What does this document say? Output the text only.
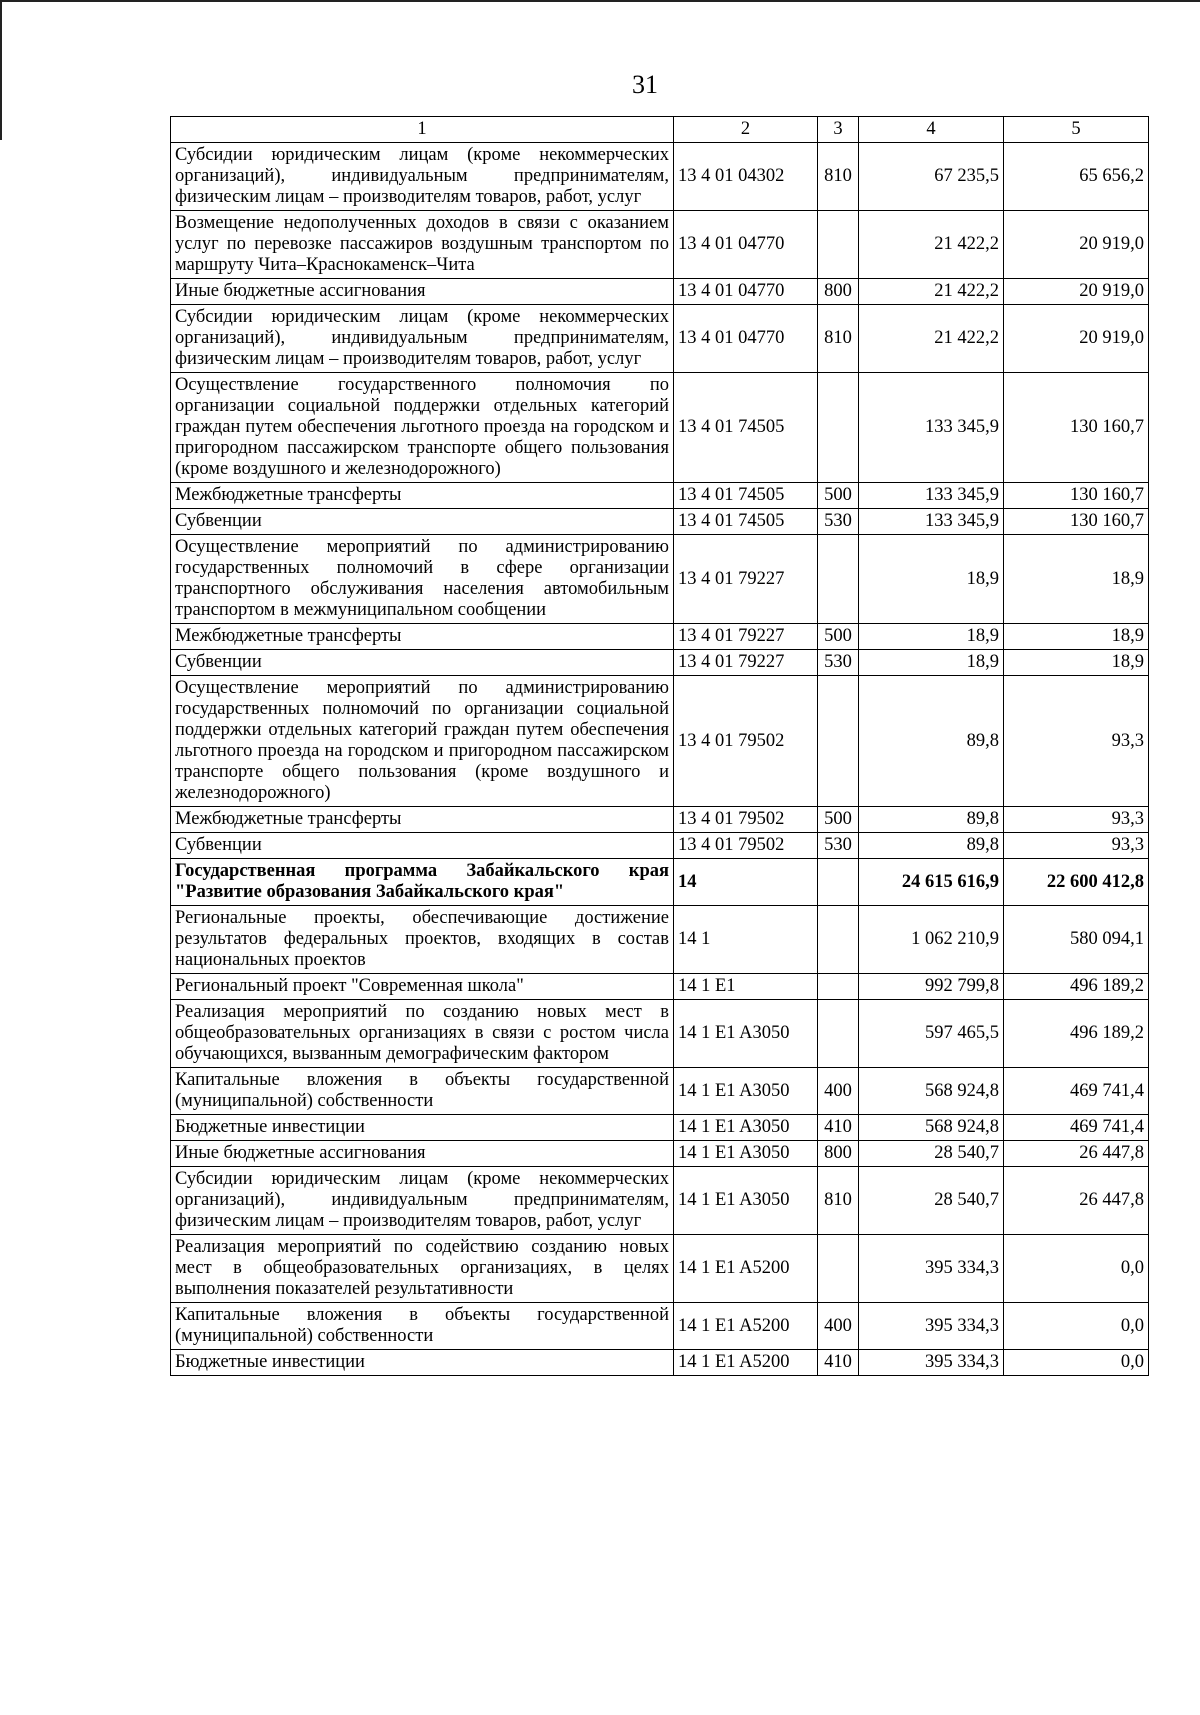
31
1	2	3	4	5
Субсидии юридическим лицам (кроме некоммерческих организаций), индивидуальным предпринимателям, физическим лицам – производителям товаров, работ, услуг	13 4 01 04302	810	67 235,5	65 656,2
Возмещение недополученных доходов в связи с оказанием услуг по перевозке пассажиров воздушным транспортом по маршруту Чита–Краснокаменск–Чита	13 4 01 04770		21 422,2	20 919,0
Иные бюджетные ассигнования	13 4 01 04770	800	21 422,2	20 919,0
Субсидии юридическим лицам (кроме некоммерческих организаций), индивидуальным предпринимателям, физическим лицам – производителям товаров, работ, услуг	13 4 01 04770	810	21 422,2	20 919,0
Осуществление государственного полномочия по организации социальной поддержки отдельных категорий граждан путем обеспечения льготного проезда на городском и пригородном пассажирском транспорте общего пользования (кроме воздушного и железнодорожного)	13 4 01 74505		133 345,9	130 160,7
Межбюджетные трансферты	13 4 01 74505	500	133 345,9	130 160,7
Субвенции	13 4 01 74505	530	133 345,9	130 160,7
Осуществление мероприятий по администрированию государственных полномочий в сфере организации транспортного обслуживания населения автомобильным транспортом в межмуниципальном сообщении	13 4 01 79227		18,9	18,9
Межбюджетные трансферты	13 4 01 79227	500	18,9	18,9
Субвенции	13 4 01 79227	530	18,9	18,9
Осуществление мероприятий по администрированию государственных полномочий по организации социальной поддержки отдельных категорий граждан путем обеспечения льготного проезда на городском и пригородном пассажирском транспорте общего пользования (кроме воздушного и железнодорожного)	13 4 01 79502		89,8	93,3
Межбюджетные трансферты	13 4 01 79502	500	89,8	93,3
Субвенции	13 4 01 79502	530	89,8	93,3
Государственная программа Забайкальского края "Развитие образования Забайкальского края"	14		24 615 616,9	22 600 412,8
Региональные проекты, обеспечивающие достижение результатов федеральных проектов, входящих в состав национальных проектов	14 1		1 062 210,9	580 094,1
Региональный проект "Современная школа"	14 1 E1		992 799,8	496 189,2
Реализация мероприятий по созданию новых мест в общеобразовательных организациях в связи с ростом числа обучающихся, вызванным демографическим фактором	14 1 E1 A3050		597 465,5	496 189,2
Капитальные вложения в объекты государственной (муниципальной) собственности	14 1 E1 A3050	400	568 924,8	469 741,4
Бюджетные инвестиции	14 1 E1 A3050	410	568 924,8	469 741,4
Иные бюджетные ассигнования	14 1 E1 A3050	800	28 540,7	26 447,8
Субсидии юридическим лицам (кроме некоммерческих организаций), индивидуальным предпринимателям, физическим лицам – производителям товаров, работ, услуг	14 1 E1 A3050	810	28 540,7	26 447,8
Реализация мероприятий по содействию созданию новых мест в общеобразовательных организациях, в целях выполнения показателей результативности	14 1 E1 A5200		395 334,3	0,0
Капитальные вложения в объекты государственной (муниципальной) собственности	14 1 E1 A5200	400	395 334,3	0,0
Бюджетные инвестиции	14 1 E1 A5200	410	395 334,3	0,0
